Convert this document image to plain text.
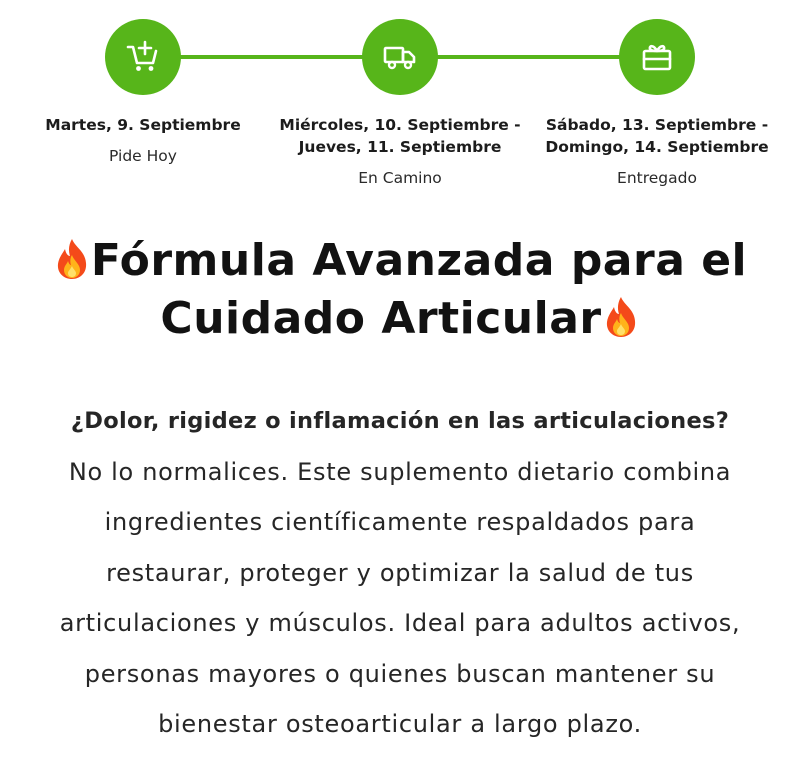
Martes, 9. Septiembre
Pide Hoy
Miércoles, 10. Septiembre -
Jueves, 11. Septiembre
En Camino
Sábado, 13. Septiembre -
Domingo, 14. Septiembre
Entregado
Fórmula Avanzada para el
Cuidado Articular
¿Dolor, rigidez o inflamación en las articulaciones?
No lo normalices. Este suplemento dietario combina
ingredientes científicamente respaldados para
restaurar, proteger y optimizar la salud de tus
articulaciones y músculos. Ideal para adultos activos,
personas mayores o quienes buscan mantener su
bienestar osteoarticular a largo plazo.
